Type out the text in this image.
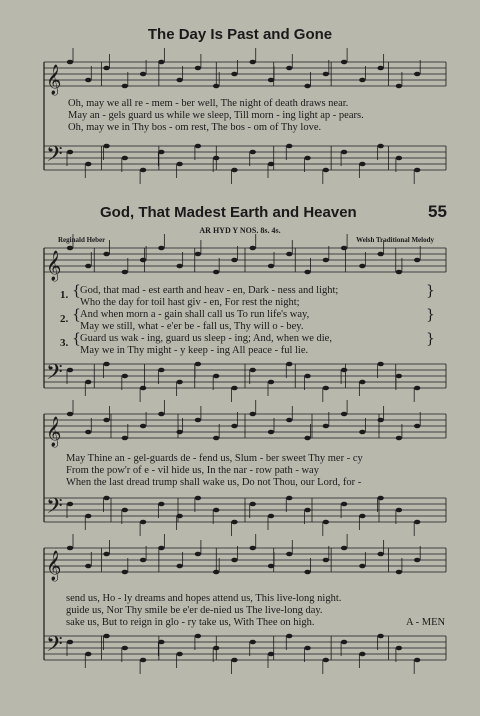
𝄞
𝄢
𝄞
𝄢
𝄞
𝄢
𝄞
𝄢
The Day Is Past and Gone
Oh, may we all re - mem - ber well, The night of death draws near.
May an - gels guard us while we sleep, Till morn - ing light ap - pears.
Oh, may we in Thy bos - om rest, The bos - om of Thy love.
God, That Madest Earth and Heaven	55
AR HYD Y NOS. 8s. 4s.
Reginald Heber	Welsh Traditional Melody
1.
2.
3.
{
{
{
}
}
}
God, that mad - est earth and heav - en, Dark - ness and light;
Who the day for toil hast giv - en, For rest the night;
And when morn a - gain shall call us To run life's way,
May we still, what - e'er be - fall us, Thy will o - bey.
Guard us wak - ing, guard us sleep - ing; And, when we die,
May we in Thy might - y keep - ing All peace - ful lie.
May Thine an - gel-guards de - fend us, Slum - ber sweet Thy mer - cy
From the pow'r of e - vil hide us, In the nar - row path - way
When the last dread trump shall wake us, Do not Thou, our Lord, for -
send us, Ho - ly dreams and hopes attend us, This live-long night.
guide us, Nor Thy smile be e'er de-nied us The live-long day.
sake us, But to reign in glo - ry take us, With Thee on high.	A - MEN
